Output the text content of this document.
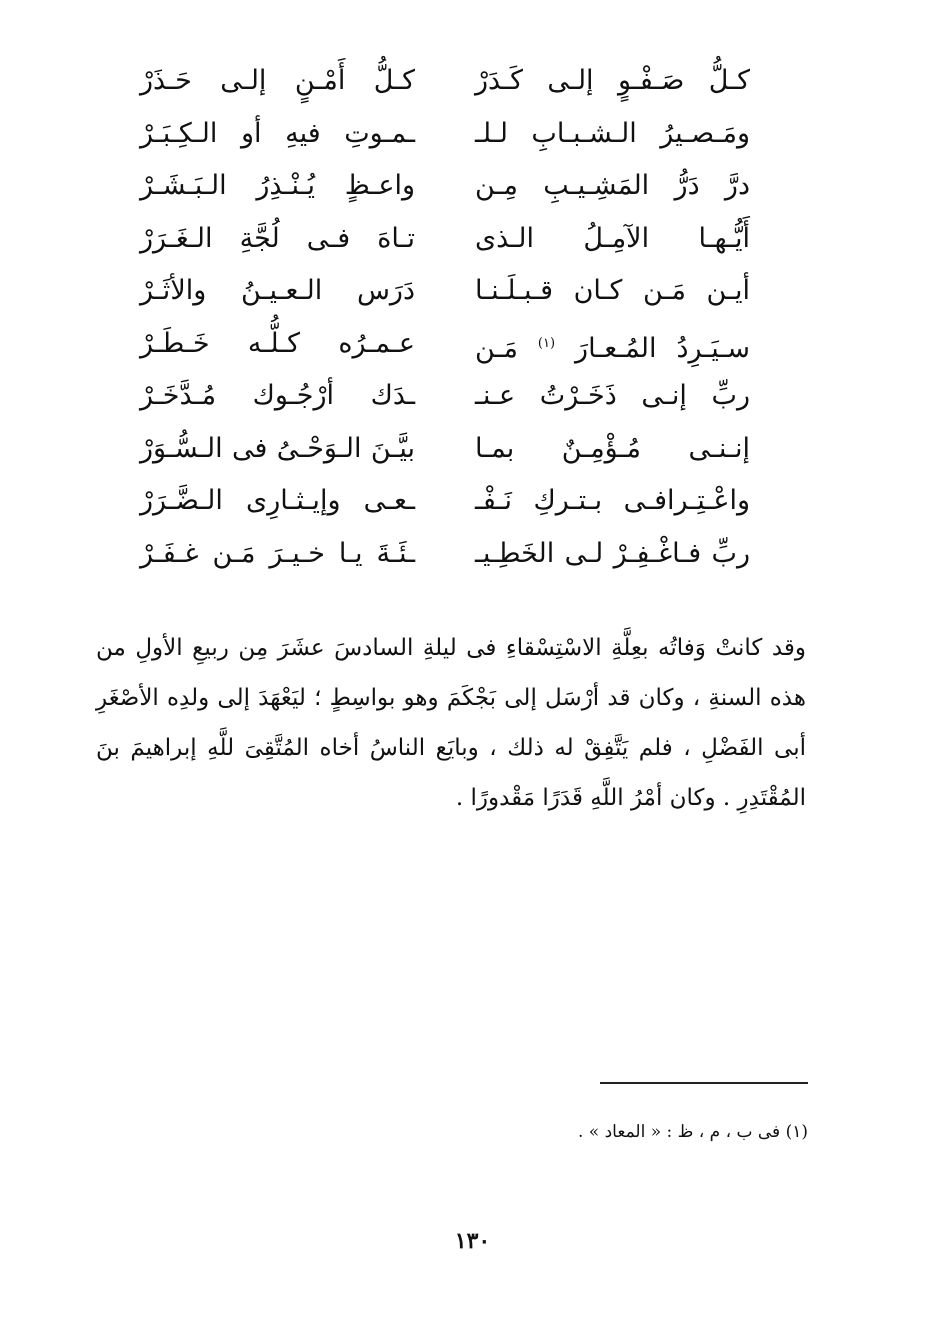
كـلُّ صَـفْـوٍ إلـى كَـدَرْ
كـلُّ أَمْـنٍ إلـى حَـذَرْ
ومَـصـيرُ الـشـبـابِ لـلـ
ـمـوتِ فيهِ أو الـكِـبَـرْ
درَّ دَرُّ المَشِـيـبِ مِـن
واعـظٍ يُـنْـذِرُ الـبَـشَـرْ
أَيُّـهـا الآمِـلُ الـذى
تـاهَ فـى لُجَّةِ الـغَـرَرْ
أيـن مَـن كـان قـبـلَـنـا
دَرَس الـعـيـنُ والأثَـرْ
سـيَـرِدُ المُـعـارَ $^{(١)}$ مَـن
عـمـرُه كـلُّـه خَـطَـرْ
ربِّ إنـى ذَخَـرْتُ عـنـ
ـدَك أرْجُـوك مُـدَّخَـرْ
إنـنـى مُـؤْمِـنٌ بمـا
بيَّـنَ الـوَحْـىُ فى الـسُّـوَرْ
واعْـتِـرافـى بـتـركِ نَـفْـ
ـعـى وإيـثـارِى الـضَّـرَرْ
ربِّ فـاغْـفِـرْ لـى الخَطِـيـ
ـئَـةَ يـا خـيـرَ مَـن غـفَـرْ

وقد كانتْ وَفاتُه بعِلَّةِ الاسْتِسْقاءِ فى ليلةِ السادسَ عشَرَ مِن ربيعِ الأولِ من هذه السنةِ ، وكان قد أرْسَل إلى بَجْكَمَ وهو بواسِطٍ ؛ ليَعْهَدَ إلى ولدِه الأصْغَرِ أبى الفَضْلِ ، فلم يَتَّفِقْ له ذلك ، وبايَع الناسُ أخاه المُتَّقِىَ للَّهِ إبراهيمَ بنَ المُقْتَدِرِ . وكان أمْرُ اللَّهِ قَدَرًا مَقْدورًا .

(١) فى ب ، م ، ظ : « المعاد » .
١٣٠
